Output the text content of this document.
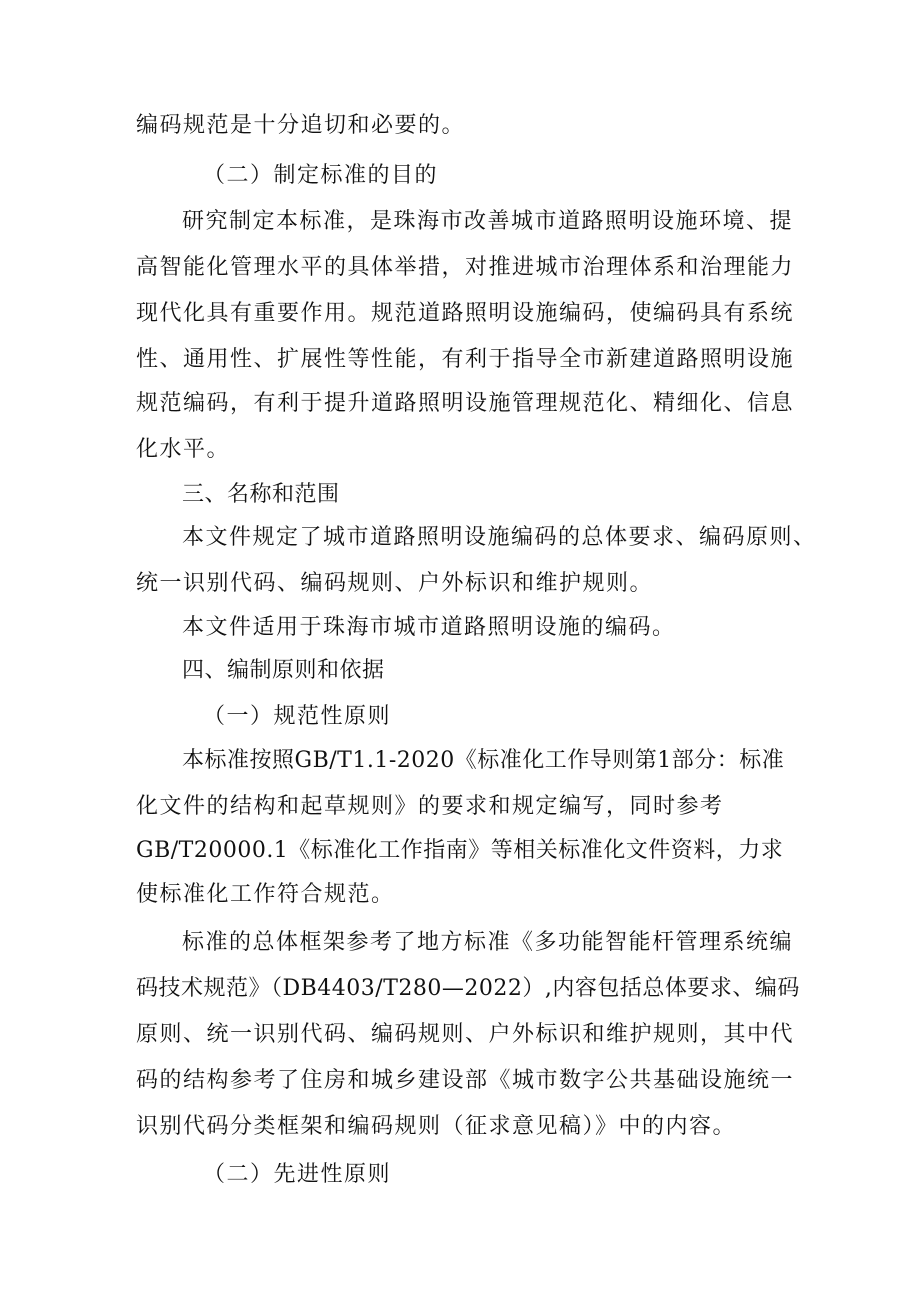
编码规范是十分追切和必要的。
（二）制定标准的目的
研究制定本标准，是珠海市改善城市道路照明设施环境、提
高智能化管理水平的具体举措，对推进城市治理体系和治理能力
现代化具有重要作用。规范道路照明设施编码，使编码具有系统
性、通用性、扩展性等性能，有利于指导全市新建道路照明设施
规范编码，有利于提升道路照明设施管理规范化、精细化、信息
化水平。
三、名称和范围
本文件规定了城市道路照明设施编码的总体要求、编码原则、
统一识别代码、编码规则、户外标识和维护规则。
本文件适用于珠海市城市道路照明设施的编码。
四、编制原则和依据
（一）规范性原则
本标准按照GB/T1.1-2020《标准化工作导则第1部分：标准
化文件的结构和起草规则》的要求和规定编写，同时参考
GB/T20000.1《标准化工作指南》等相关标准化文件资料，力求
使标准化工作符合规范。
标准的总体框架参考了地方标准《多功能智能杆管理系统编
码技术规范》（DB4403/T280—2022）,内容包括总体要求、编码
原则、统一识别代码、编码规则、户外标识和维护规则，其中代
码的结构参考了住房和城乡建设部《城市数字公共基础设施统一
识别代码分类框架和编码规则（征求意见稿）》中的内容。
（二）先进性原则
